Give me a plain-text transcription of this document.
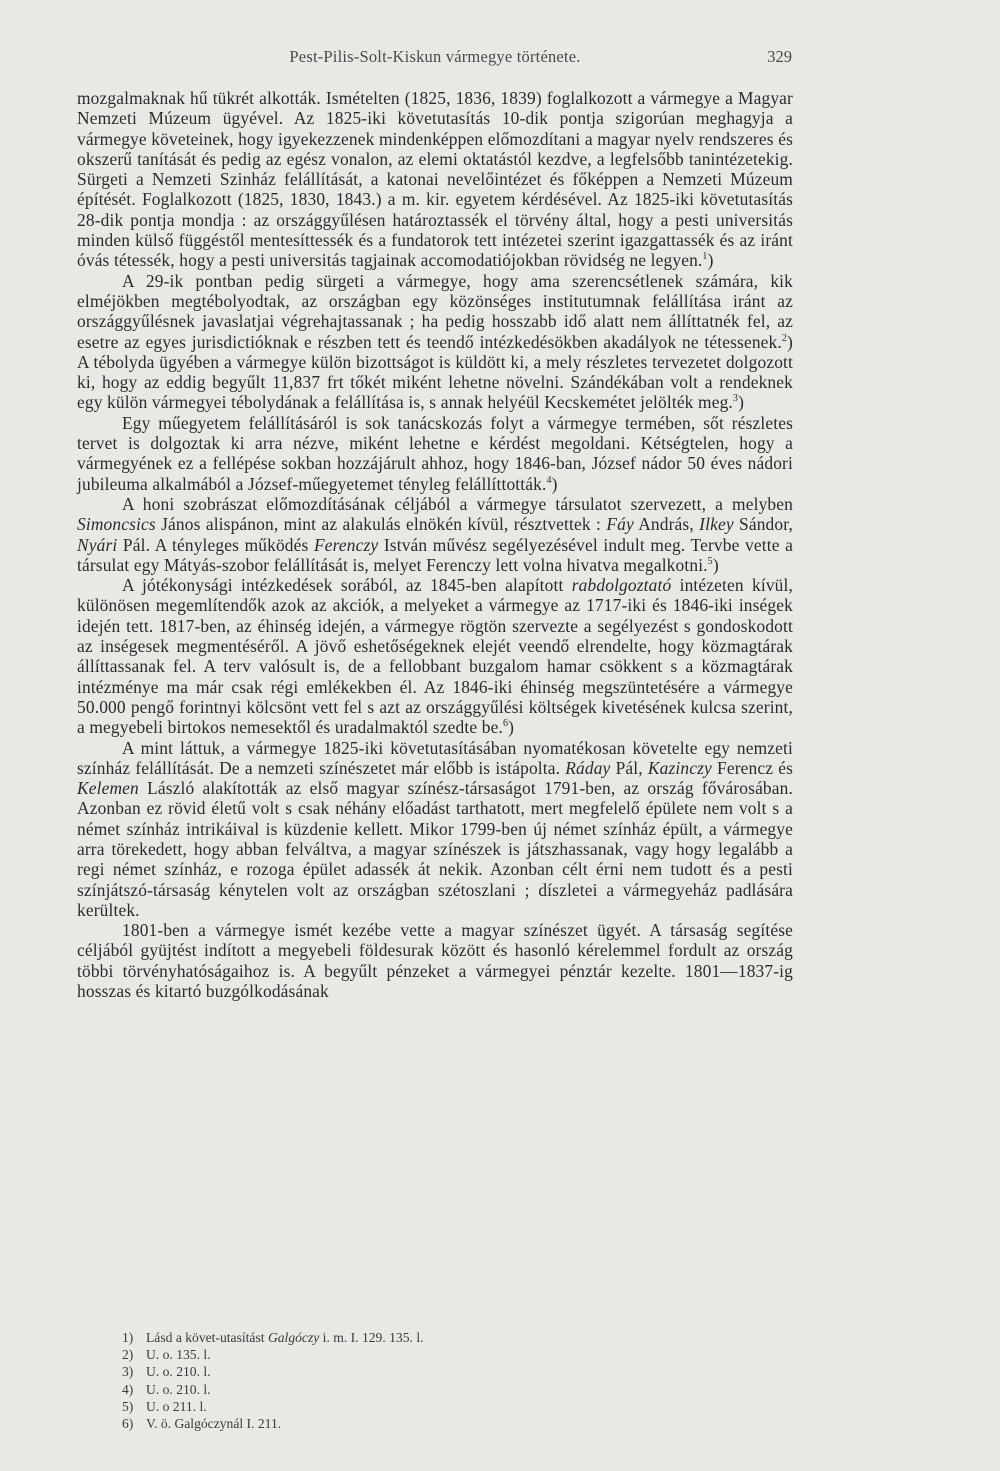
Pest-Pilis-Solt-Kiskun vármegye története.	329

mozgalmaknak hű tükrét alkották. Ismételten (1825, 1836, 1839) foglalkozott a vármegye a Magyar Nemzeti Múzeum ügyével. Az 1825-iki követutasítás 10-dik pontja szigorúan meghagyja a vármegye követeinek, hogy igyekezzenek mindenképpen előmozdítani a magyar nyelv rendszeres és okszerű tanítását és pedig az egész vonalon, az elemi oktatástól kezdve, a legfelsőbb tanintézetekig. Sürgeti a Nemzeti Szinház felállítását, a katonai nevelőintézet és főképpen a Nemzeti Múzeum építését. Foglalkozott (1825, 1830, 1843.) a m. kir. egyetem kérdésével. Az 1825-iki követutasítás 28-dik pontja mondja : az országgyűlésen határoztassék el törvény által, hogy a pesti universitás minden külső függéstől mentesíttessék és a fundatorok tett intézetei szerint igazgattassék és az iránt óvás tétessék, hogy a pesti universitás tagjainak accomodatiójokban rövidség ne legyen.$^1$)

A 29-ik pontban pedig sürgeti a vármegye, hogy ama szerencsétlenek számára, kik elméjökben megtébolyodtak, az országban egy közönséges institutumnak felállítása iránt az országgyűlésnek javaslatjai végrehajtassanak ; ha pedig hosszabb idő alatt nem állíttatnék fel, az esetre az egyes jurisdictióknak e részben tett és teendő intézkedésökben akadályok ne tétessenek.$^2$) A tébolyda ügyében a vármegye külön bizottságot is küldött ki, a mely részletes tervezetet dolgozott ki, hogy az eddig begyűlt 11,837 frt tőkét miként lehetne növelni. Szándékában volt a rendeknek egy külön vármegyei tébolydának a felállítása is, s annak helyéül Kecskemétet jelölték meg.$^3$)

Egy műegyetem felállításáról is sok tanácskozás folyt a vármegye termében, sőt részletes tervet is dolgoztak ki arra nézve, miként lehetne e kérdést megoldani. Kétségtelen, hogy a vármegyének ez a fellépése sokban hozzájárult ahhoz, hogy 1846-ban, József nádor 50 éves nádori jubileuma alkalmából a József-műegyetemet tényleg felállíttották.$^4$)

A honi szobrászat előmozdításának céljából a vármegye társulatot szervezett, a melyben Simoncsics János alispánon, mint az alakulás elnökén kívül, résztvettek : Fáy András, Ilkey Sándor, Nyári Pál. A tényleges működés Ferenczy István művész segélyezésével indult meg. Tervbe vette a társulat egy Mátyás-szobor felállítását is, melyet Ferenczy lett volna hivatva megalkotni.$^5$)

A jótékonysági intézkedések sorából, az 1845-ben alapított rabdolgoztató intézeten kívül, különösen megemlítendők azok az akciók, a melyeket a vármegye az 1717-iki és 1846-iki inségek idején tett. 1817-ben, az éhinség idején, a vármegye rögtön szervezte a segélyezést s gondoskodott az inségesek megmentéséről. A jövő eshetőségeknek elejét veendő elrendelte, hogy közmagtárak állíttassanak fel. A terv valósult is, de a fellobbant buzgalom hamar csökkent s a közmagtárak intézménye ma már csak régi emlékekben él. Az 1846-iki éhinség megszüntetésére a vármegye 50.000 pengő forintnyi kölcsönt vett fel s azt az országgyűlési költségek kivetésének kulcsa szerint, a megyebeli birtokos nemesektől és uradalmaktól szedte be.$^6$)

A mint láttuk, a vármegye 1825-iki követutasításában nyomatékosan követelte egy nemzeti színház felállítását. De a nemzeti színészetet már előbb is istápolta. Ráday Pál, Kazinczy Ferencz és Kelemen László alakították az első magyar színész-társaságot 1791-ben, az ország fővárosában. Azonban ez rövid életű volt s csak néhány előadást tarthatott, mert megfelelő épülete nem volt s a német színház intrikáival is küzdenie kellett. Mikor 1799-ben új német színház épült, a vármegye arra törekedett, hogy abban felváltva, a magyar színészek is játszhassanak, vagy hogy legalább a regi német színház, e rozoga épület adassék át nekik. Azonban célt érni nem tudott és a pesti színjátszó-társaság kénytelen volt az országban szétoszlani ; díszletei a vármegyeház padlására kerültek.

1801-ben a vármegye ismét kezébe vette a magyar színészet ügyét. A társaság segítése céljából gyüjtést indított a megyebeli földesurak között és hasonló kérelemmel fordult az ország többi törvényhatóságaihoz is. A begyűlt pénzeket a vármegyei pénztár kezelte. 1801—1837-ig hosszas és kitartó buzgólkodásának

1) Lásd a követ-utasítást Galgóczy i. m. I. 129. 135. l.
2) U. o. 135. l.
3) U. o. 210. l.
4) U. o. 210. l.
5) U. o 211. l.
6) V. ö. Galgóczynál I. 211.
